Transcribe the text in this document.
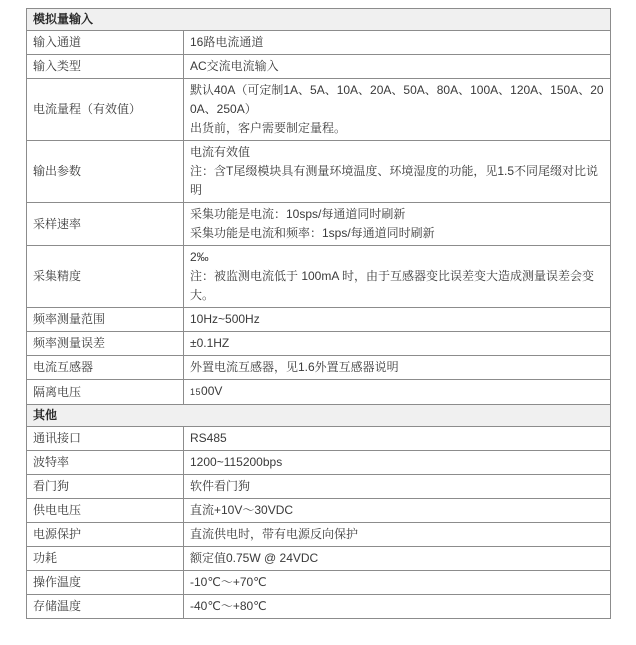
模拟量输入	
输入通道	16路电流通道

输入类型	AC交流电流输入

电流量程（有效值）	默认40A（可定制1A、5A、10A、20A、50A、80A、100A、120A、150A、200A、250A）
出货前，客户需要制定量程。

输出参数	电流有效值
注：含T尾缀模块具有测量环境温度、环境湿度的功能，见1.5不同尾缀对比说明

采样速率	采集功能是电流：10sps/每通道同时刷新
采集功能是电流和频率：1sps/每通道同时刷新

采集精度	2‰
注：被监测电流低于 100mA 时，由于互感器变比误差变大造成测量误差会变大。

频率测量范围	10Hz~500Hz

频率测量误差	±0.1HZ

电流互感器	外置电流互感器，见1.6外置互感器说明

隔离电压	1500V

其他	
通讯接口	RS485

波特率	1200~115200bps

看门狗	软件看门狗

供电电压	直流+10V～30VDC

电源保护	直流供电时，带有电源反向保护

功耗	额定值0.75W @ 24VDC

操作温度	-10℃～+70℃

存储温度	-40℃～+80℃
